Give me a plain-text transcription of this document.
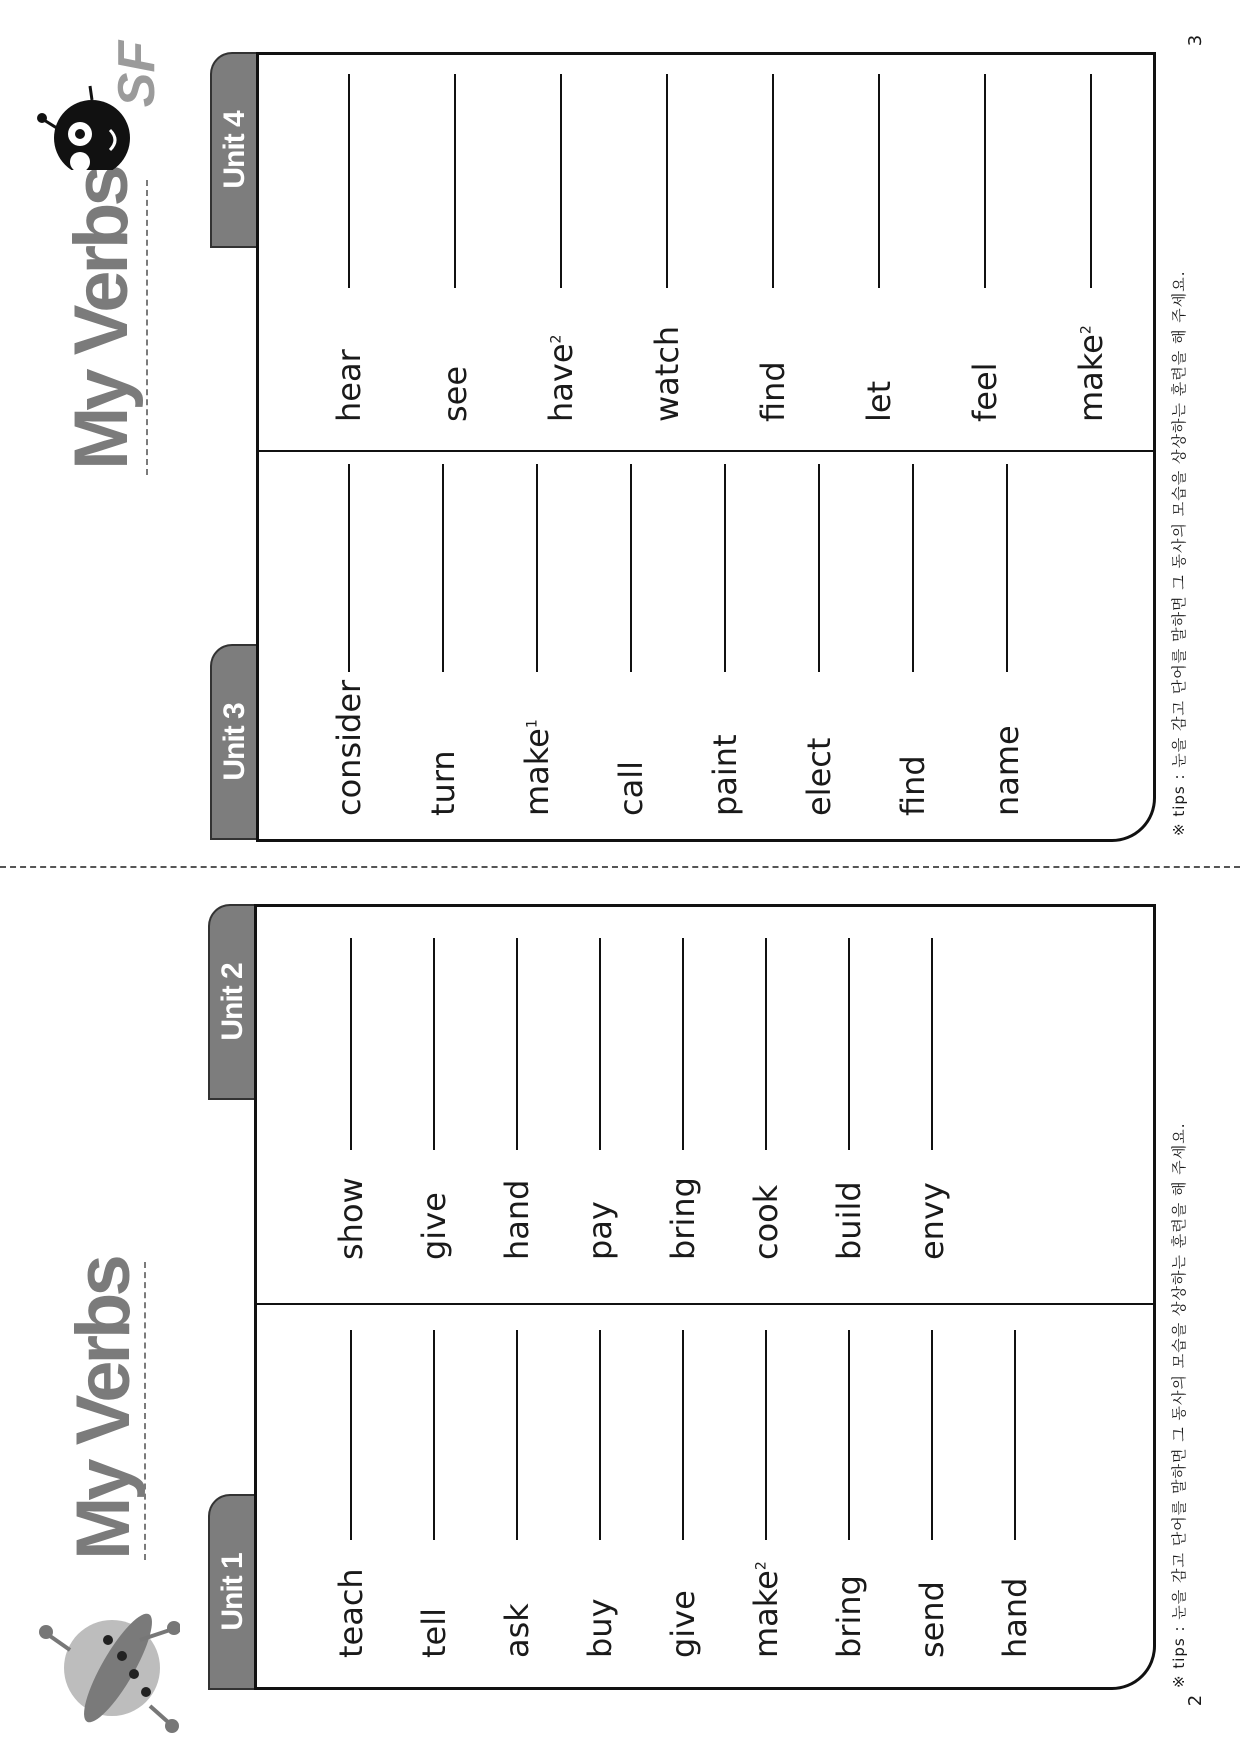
3
2
My Verbs
SF
Unit 3
Unit 4
consider turn make$^1$
call paint elect find name
hear see have$^2$	watch find let feel make$^2$	※ tips : 눈을 감고 단어를 말하면 그 동사의 모습을 상상하는 훈련을 해 주세요.
My Verbs
Unit 1
Unit 2
teach tell ask buy give make$^2$
bring send hand
show give hand pay bring cook build envy	※ tips : 눈을 감고 단어를 말하면 그 동사의 모습을 상상하는 훈련을 해 주세요.
